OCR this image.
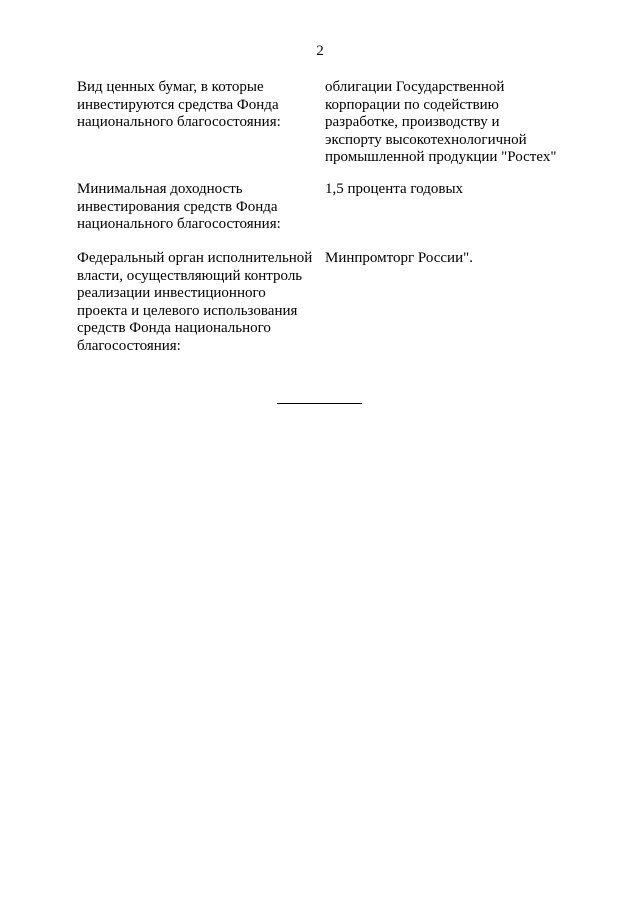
2
Вид ценных бумаг, в которые
инвестируются средства Фонда
национального благосостояния:
облигации Государственной
корпорации по содействию
разработке, производству и
экспорту высокотехнологичной
промышленной продукции "Ростех"
Минимальная доходность
инвестирования средств Фонда
национального благосостояния:
1,5 процента годовых
Федеральный орган исполнительной
власти, осуществляющий контроль
реализации инвестиционного
проекта и целевого использования
средств Фонда национального
благосостояния:
Минпромторг России".
